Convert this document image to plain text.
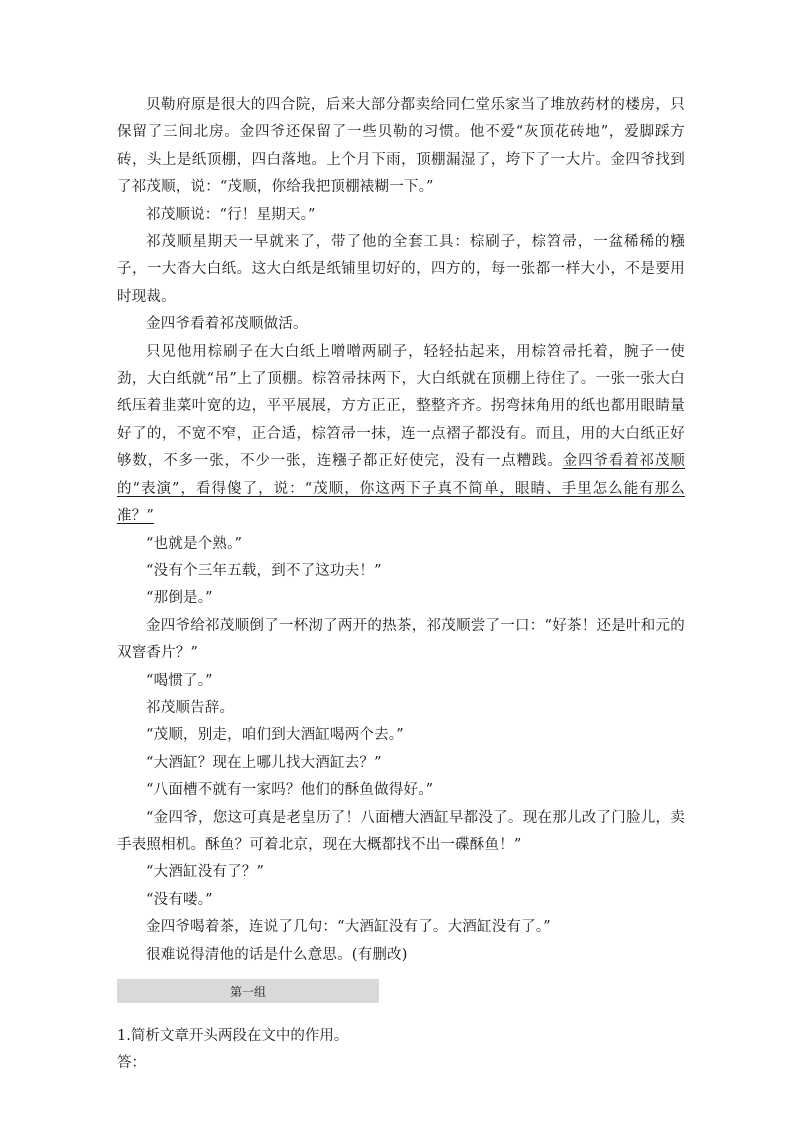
贝勒府原是很大的四合院，后来大部分都卖给同仁堂乐家当了堆放药材的楼房，只保留了三间北房。金四爷还保留了一些贝勒的习惯。他不爱“灰顶花砖地”，爱脚踩方砖，头上是纸顶棚，四白落地。上个月下雨，顶棚漏湿了，垮下了一大片。金四爷找到了祁茂顺，说：“茂顺，你给我把顶棚裱糊一下。”

祁茂顺说：“行！星期天。”

祁茂顺星期天一早就来了，带了他的全套工具：棕刷子，棕笤帚，一盆稀稀的糨子，一大沓大白纸。这大白纸是纸铺里切好的，四方的，每一张都一样大小，不是要用时现裁。

金四爷看着祁茂顺做活。

只见他用棕刷子在大白纸上噌噌两刷子，轻轻拈起来，用棕笤帚托着，腕子一使劲，大白纸就“吊”上了顶棚。棕笤帚抹两下，大白纸就在顶棚上待住了。一张一张大白纸压着韭菜叶宽的边，平平展展，方方正正，整整齐齐。拐弯抹角用的纸也都用眼睛量好了的，不宽不窄，正合适，棕笤帚一抹，连一点褶子都没有。而且，用的大白纸正好够数，不多一张，不少一张，连糨子都正好使完，没有一点糟践。金四爷看着祁茂顺的“表演”，看得傻了，说：“茂顺，你这两下子真不简单，眼睛、手里怎么能有那么准？”

“也就是个熟。”

“没有个三年五载，到不了这功夫！”

“那倒是。”

金四爷给祁茂顺倒了一杯沏了两开的热茶，祁茂顺尝了一口：“好茶！还是叶和元的双窨香片？”

“喝惯了。”

祁茂顺告辞。

“茂顺，别走，咱们到大酒缸喝两个去。”

“大酒缸？现在上哪儿找大酒缸去？”

“八面槽不就有一家吗？他们的酥鱼做得好。”

“金四爷，您这可真是老皇历了！八面槽大酒缸早都没了。现在那儿改了门脸儿，卖手表照相机。酥鱼？可着北京，现在大概都找不出一碟酥鱼！”

“大酒缸没有了？”

“没有喽。”

金四爷喝着茶，连说了几句：“大酒缸没有了。大酒缸没有了。”

很难说得清他的话是什么意思。(有删改)

第一组

1.简析文章开头两段在文中的作用。

答：
